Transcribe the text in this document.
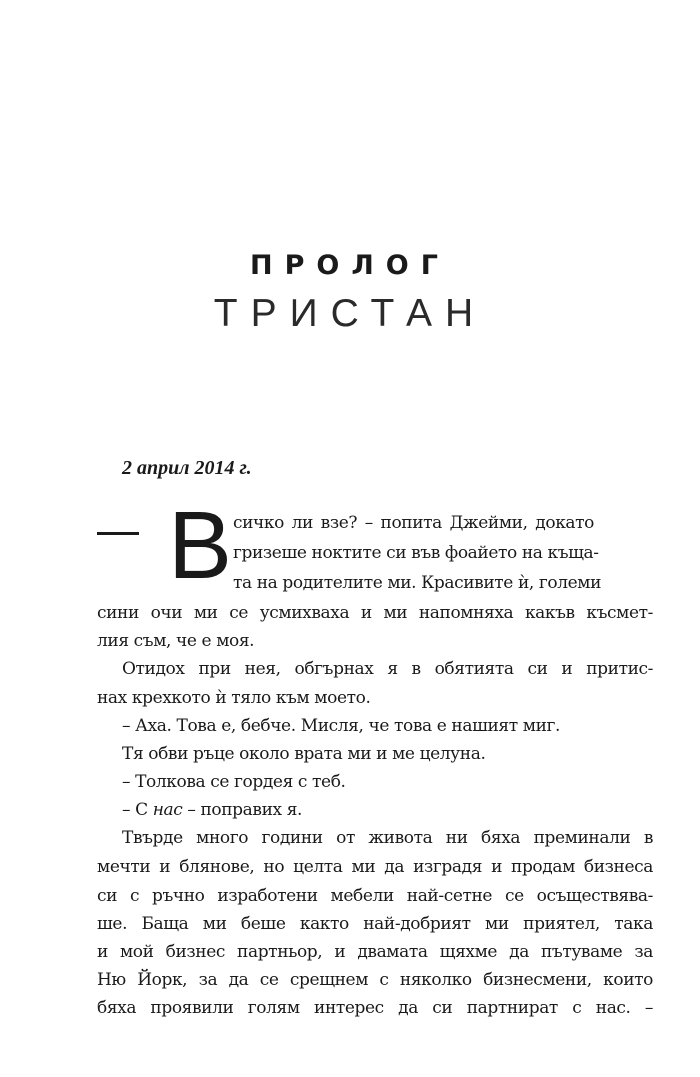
ПРОЛОГ
ТРИСТАН
2 април 2014 г.
В сичко ли взе? – попита Джейми, докато
гризеше ноктите си във фоайето на къща-
та на родителите ми. Красивите ѝ, големи
сини очи ми се усмихваха и ми напомняха какъв късмет-
лия съм, че е моя.
Отидох при нея, обгърнах я в обятията си и притис-
нах крехкото ѝ тяло към моето.
– Аха. Това е, бебче. Мисля, че това е нашият миг.
Тя обви ръце около врата ми и ме целуна.
– Толкова се гордея с теб.
– С нас – поправих я.
Твърде много години от живота ни бяха преминали в
мечти и блянове, но целта ми да изградя и продам бизнеса
си с ръчно изработени мебели най-сетне се осъществява-
ше. Баща ми беше както най-добрият ми приятел, така
и мой бизнес партньор, и двамата щяхме да пътуваме за
Ню Йорк, за да се срещнем с няколко бизнесмени, които
бяха проявили голям интерес да си партнират с нас. –
